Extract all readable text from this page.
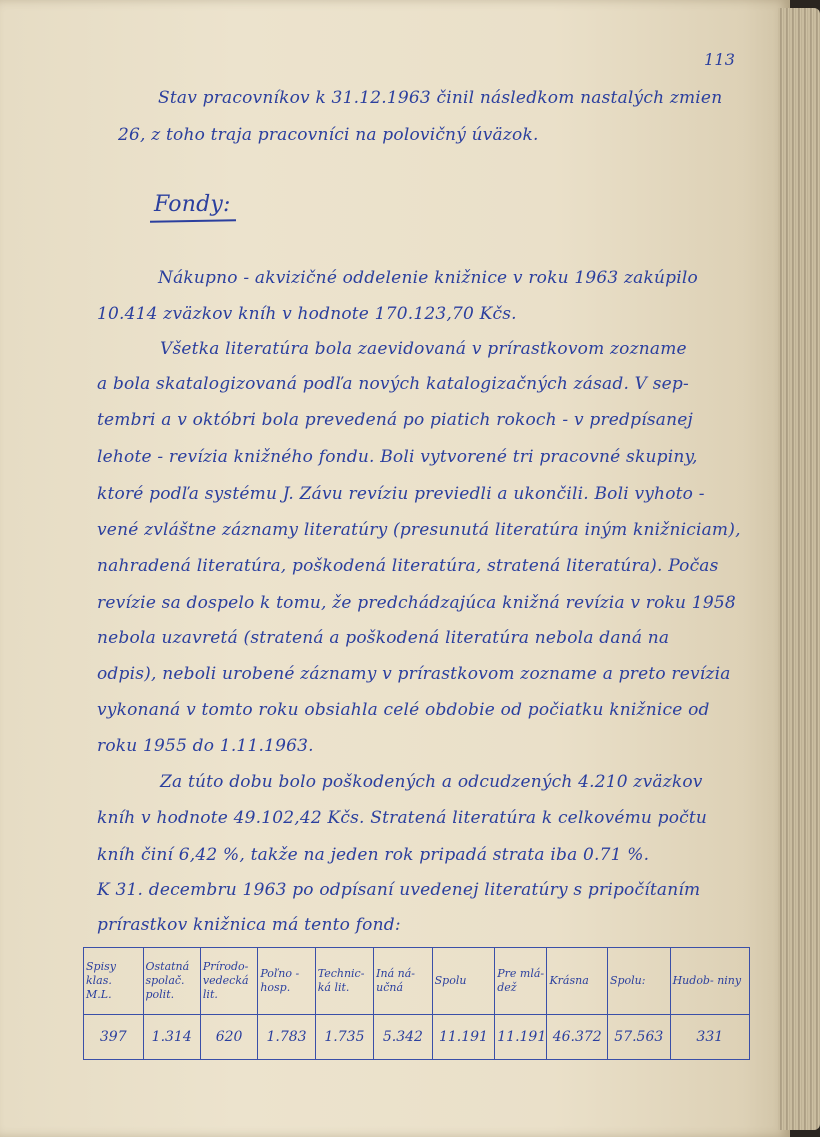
113
Stav pracovníkov k 31.12.1963 činil následkom nastalých zmien
26, z toho traja pracovníci na polovičný úväzok.
Fondy:
Nákupno - akvizičné oddelenie knižnice v roku 1963 zakúpilo
10.414 zväzkov kníh v hodnote 170.123,70 Kčs.
Všetka literatúra bola zaevidovaná v prírastkovom zozname
a bola skatalogizovaná podľa nových katalogizačných zásad. V sep-
tembri a v októbri bola prevedená po piatich rokoch - v predpísanej
lehote - revízia knižného fondu. Boli vytvorené tri pracovné skupiny,
ktoré podľa systému J. Závu revíziu previedli a ukončili. Boli vyhoto -
vené zvláštne záznamy literatúry (presunutá literatúra iným knižniciam),
nahradená literatúra, poškodená literatúra, stratená literatúra). Počas
revízie sa dospelo k tomu, že predchádzajúca knižná revízia v roku 1958
nebola uzavretá (stratená a poškodená literatúra nebola daná na
odpis), neboli urobené záznamy v prírastkovom zozname a preto revízia
vykonaná v tomto roku obsiahla celé obdobie od počiatku knižnice od
roku 1955 do 1.11.1963.
Za túto dobu bolo poškodených a odcudzených 4.210 zväzkov
kníh v hodnote 49.102,42 Kčs. Stratená literatúra k celkovému počtu
kníh činí 6,42 %, takže na jeden rok pripadá strata iba 0.71 %.
K 31. decembru 1963 po odpísaní uvedenej literatúry s pripočítaním
prírastkov knižnica má tento fond:
Spisy klas. M.L.	Ostatná spolač. polit.	Prírodo- vedecká lit.	Poľno - hosp.	Technic- ká lit.	Iná ná- učná	Spolu	Pre mlá- dež	Krásna	Spolu:	Hudob- niny
397	1.314	620	1.783	1.735	5.342	11.191	11.191	46.372	57.563	331
